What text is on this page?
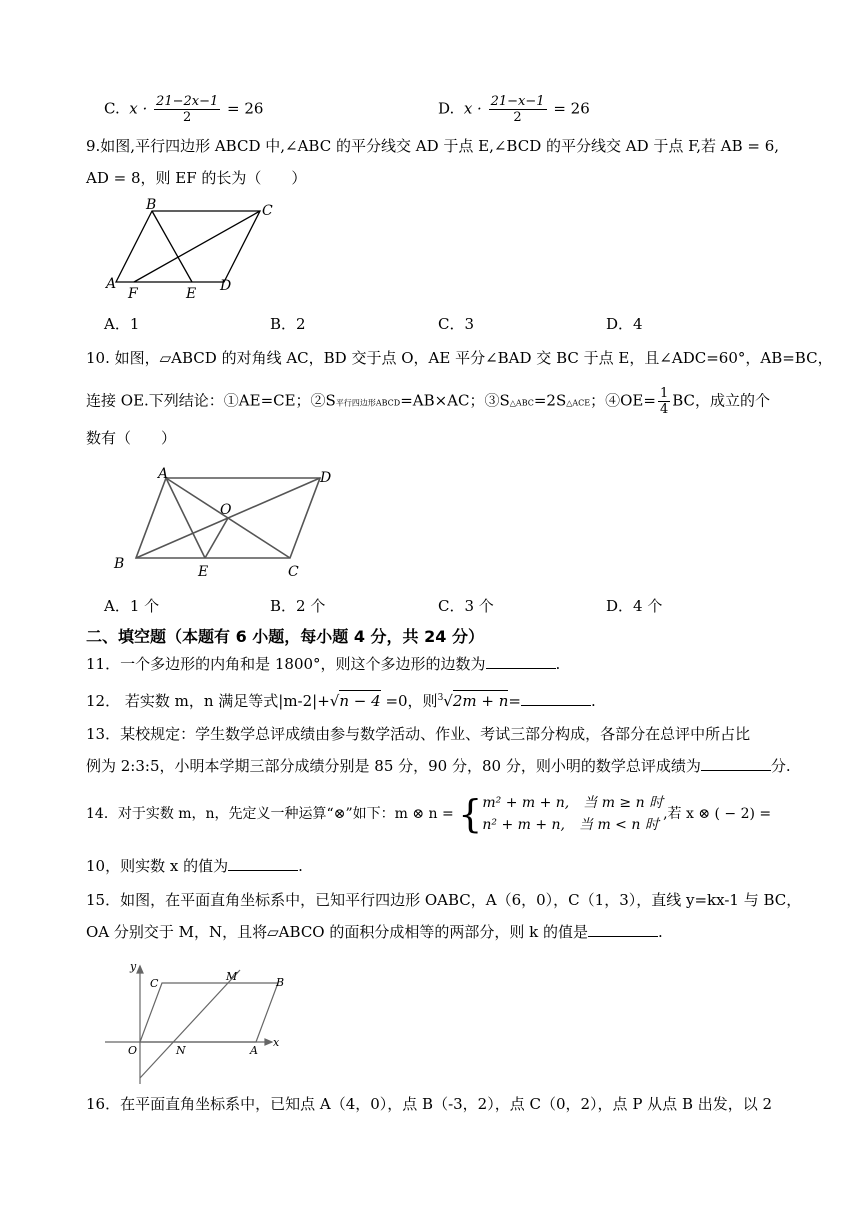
C. $x \cdot \frac{21-2x-1}{2} = 26$	D. $x \cdot \frac{21-x-1}{2} = 26$
9.如图,平行四边形 ABCD 中,∠ABC 的平分线交 AD 于点 E,∠BCD 的平分线交 AD 于点 F,若 AB = 6,
AD = 8，则 EF 的长为（　　）
A
B	C
D
E
F
A．1	B．2	C．3	D．4
10. 如图，▱ABCD 的对角线 AC，BD 交于点 O，AE 平分∠BAD 交 BC 于点 E，且∠ADC=60°，AB=BC，
连接 OE.下列结论：①AE=CE；②S平行四边形ABCD=AB×AC；③S△ABC=2S△ACE；④OE= $\frac{1}{4}$ BC，成立的个
数有（　　）
A	D
B	E	C
O
A．1 个	B．2 个	C．3 个	D．4 个
二、填空题（本题有 6 小题，每小题 4 分，共 24 分）
11．一个多边形的内角和是 1800°，则这个多边形的边数为	.
12． 若实数 m，n 满足等式|m-2|+√n − 4 =0，则$^3$√2m + n=	.
13．某校规定：学生数学总评成绩由参与数学活动、作业、考试三部分构成，各部分在总评中所占比
例为 2:3:5，小明本学期三部分成绩分别是 85 分，90 分，80 分，则小明的数学总评成绩为	分.
14．对于实数 m，n，先定义一种运算“⊗”如下：m ⊗ n = { m² + m + n,　当 m ≥ n 时
n² + m + n,　当 m < n 时
,若 x ⊗ ( − 2) =
10，则实数 x 的值为	.
15．如图，在平面直角坐标系中，已知平行四边形 OABC，A（6，0），C（1，3），直线 y=kx-1 与 BC，
OA 分别交于 M，N，且将▱ABCO 的面积分成相等的两部分，则 k 的值是	.
y
x
O	A
B
C
M
N
16．在平面直角坐标系中，已知点 A（4，0），点 B（-3，2），点 C（0，2），点 P 从点 B 出发，以 2
